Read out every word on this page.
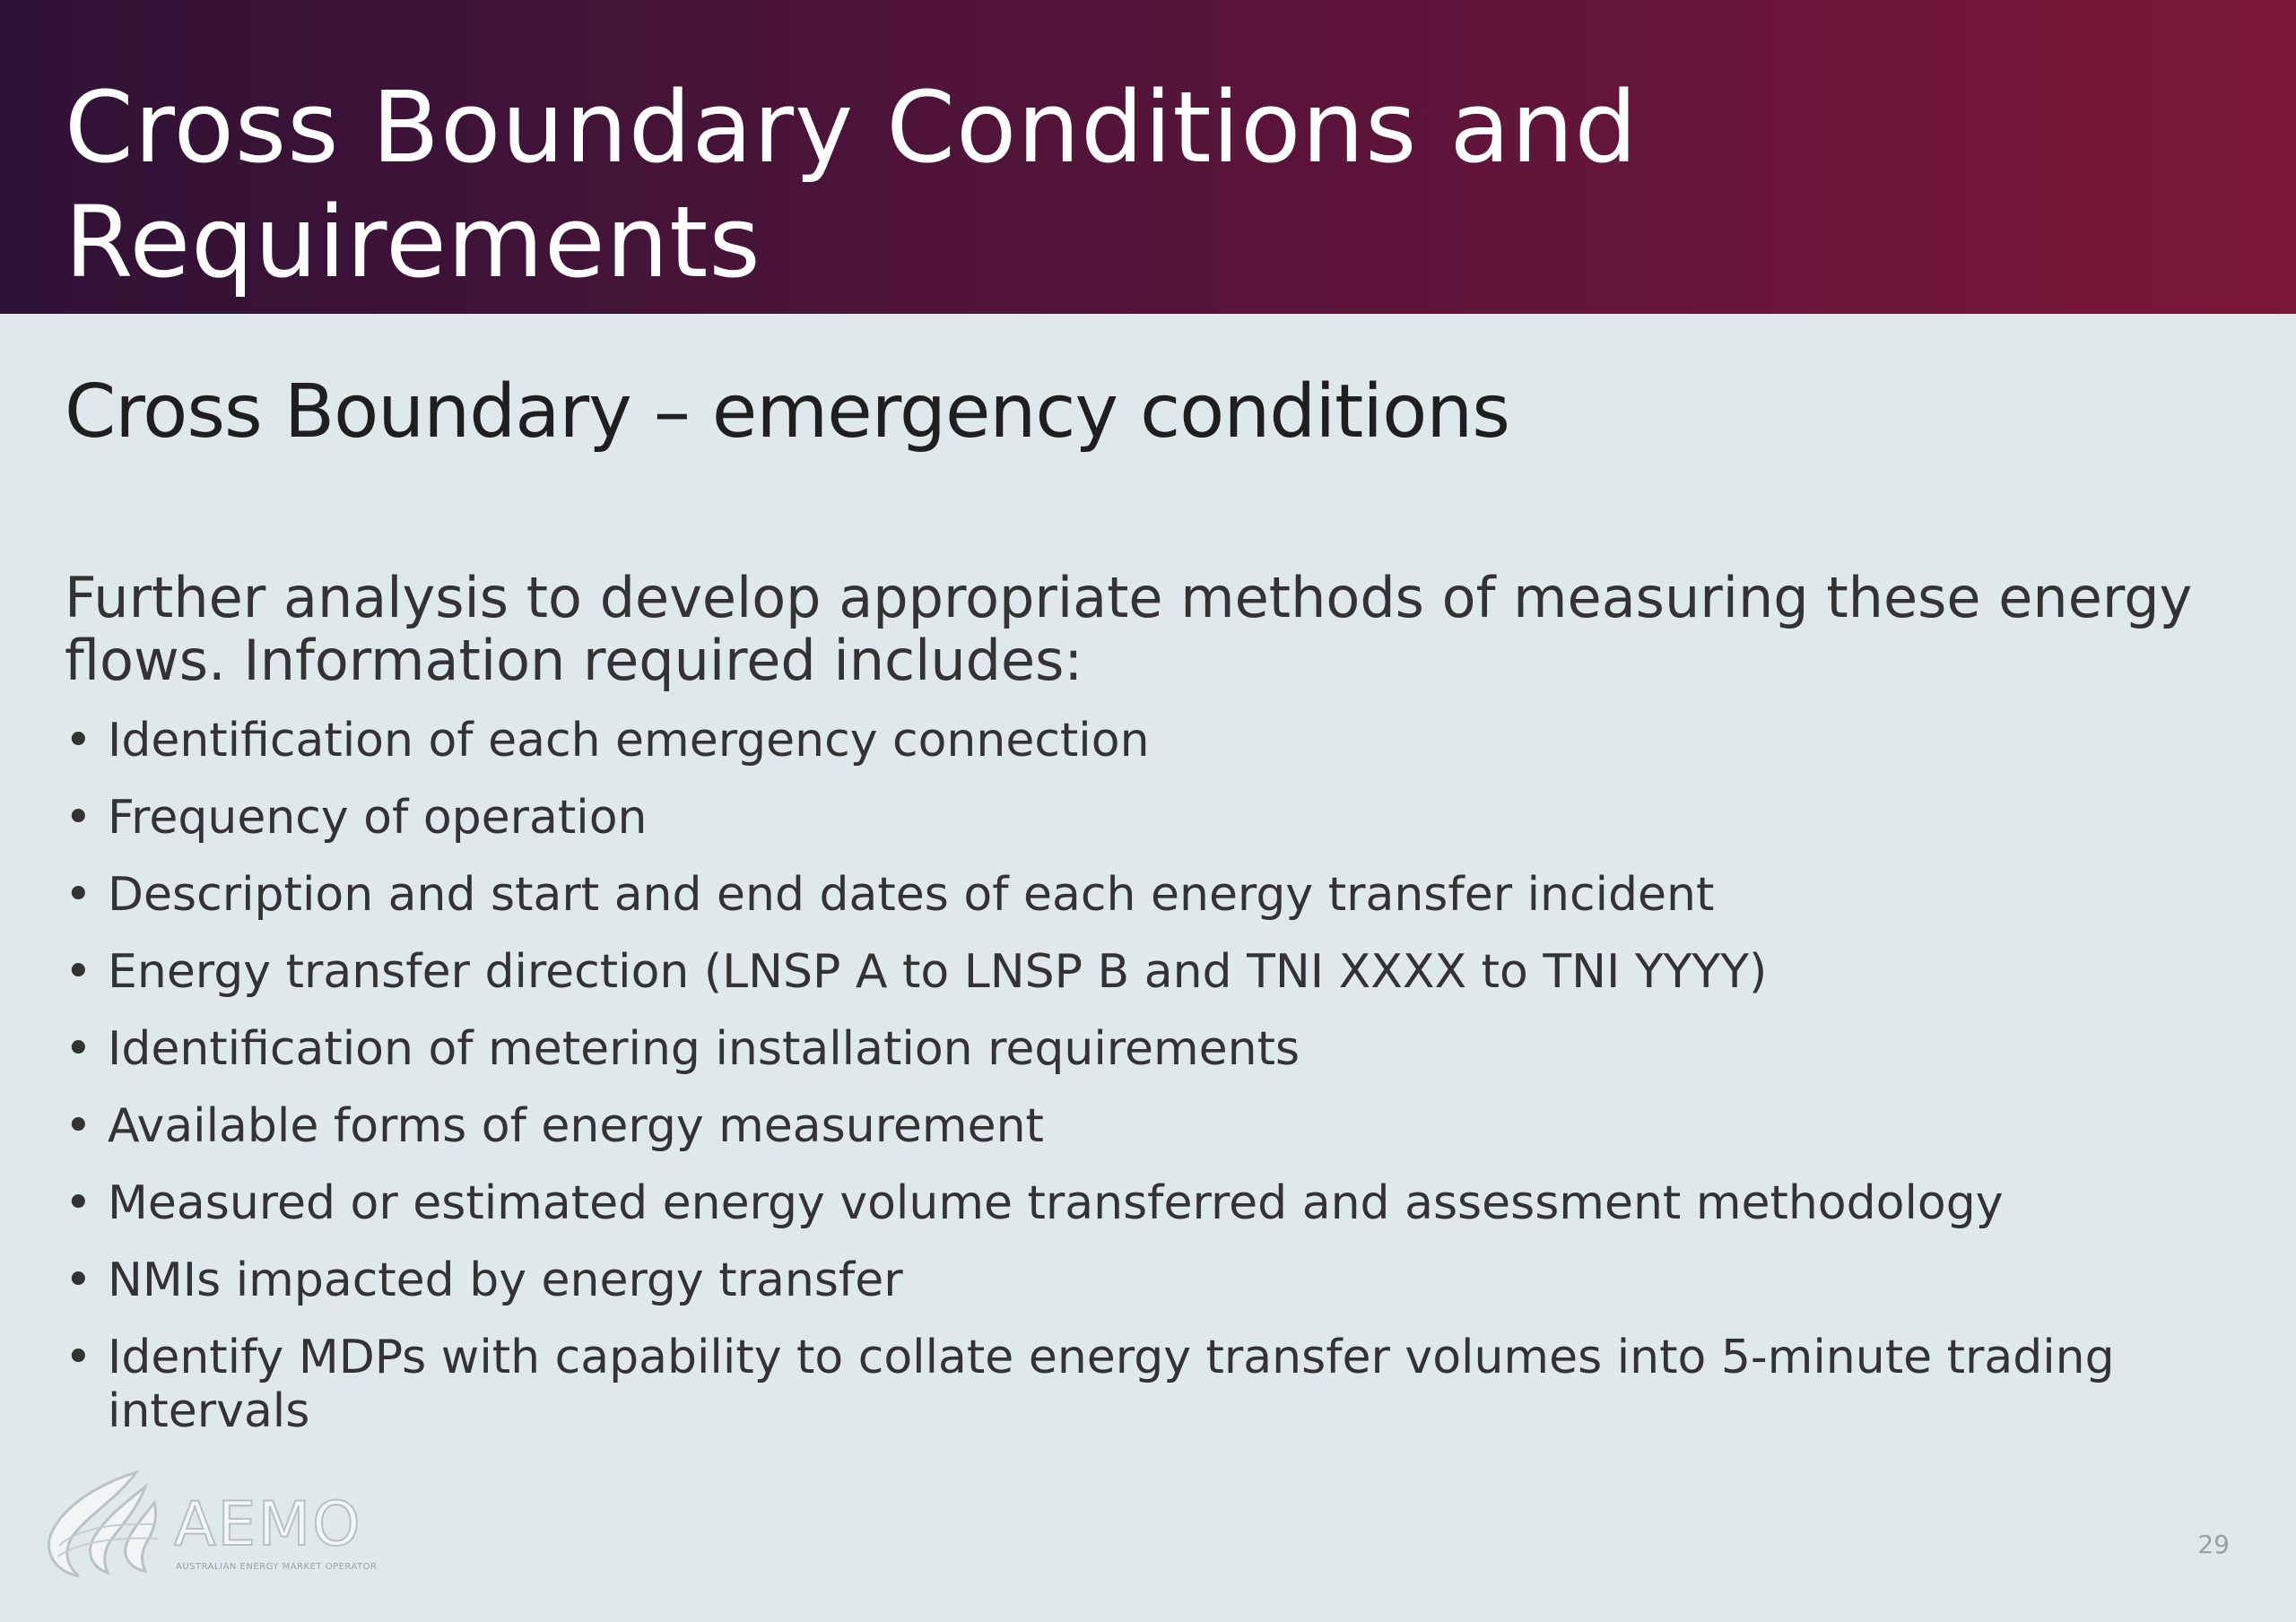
Cross Boundary Conditions and Requirements
Cross Boundary – emergency conditions

Further analysis to develop appropriate methods of measuring these energy flows. Information required includes:

• Identification of each emergency connection
• Frequency of operation
• Description and start and end dates of each energy transfer incident
• Energy transfer direction (LNSP A to LNSP B and TNI XXXX to TNI YYYY)
• Identification of metering installation requirements
• Available forms of energy measurement
• Measured or estimated energy volume transferred and assessment methodology
• NMIs impacted by energy transfer
• Identify MDPs with capability to collate energy transfer volumes into 5-minute trading intervals
AEMO
AUSTRALIAN ENERGY MARKET OPERATOR
29
